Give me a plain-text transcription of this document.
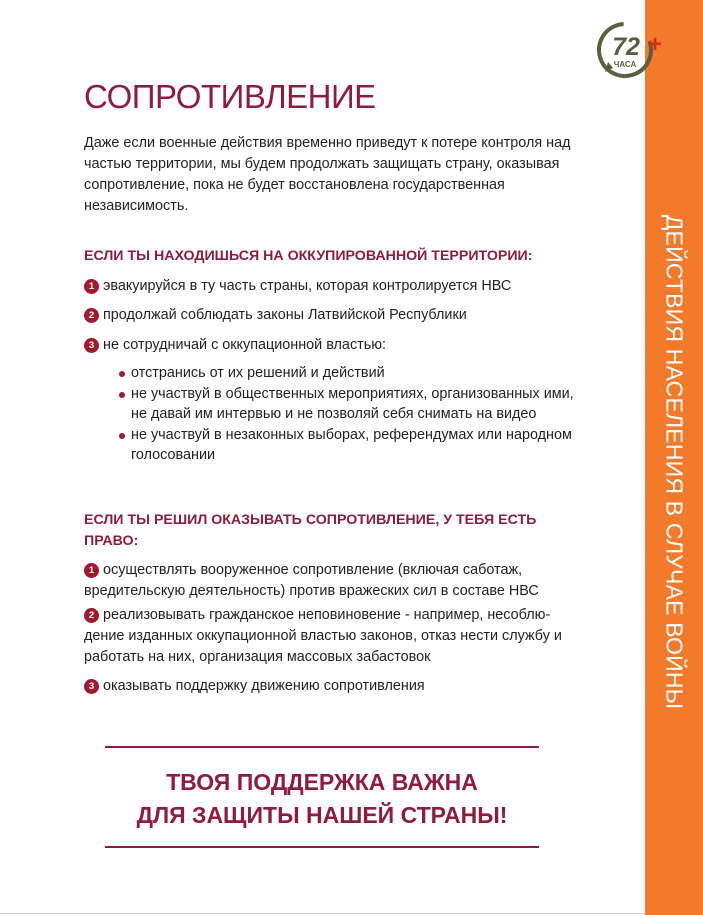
ДЕЙСТВИЯ НАСЕЛЕНИЯ В СЛУЧАЕ ВОЙНЫ
72 +
ЧАСА
СОПРОТИВЛЕНИЕ

Даже если военные действия временно приведут к потере контроля над частью территории, мы будем продолжать защищать страну, оказывая сопротивление, пока не будет восстановлена государственная независимость.

ЕСЛИ ТЫ НАХОДИШЬСЯ НА ОККУПИРОВАННОЙ ТЕРРИТОРИИ:
1 эвакуируйся в ту часть страны, которая контролируется НВС
2 продолжай соблюдать законы Латвийской Республики
3 не сотрудничай с оккупационной властью:
отстранись от их решений и действий
не участвуй в общественных мероприятиях, организованных ими, не давай им интервью и не позволяй себя снимать на видео
не участвуй в незаконных выборах, референдумах или народном голосовании
ЕСЛИ ТЫ РЕШИЛ ОКАЗЫВАТЬ СОПРОТИВЛЕНИЕ, У ТЕБЯ ЕСТЬ ПРАВО:
1 осуществлять вооруженное сопротивление (включая саботаж, вредительскую деятельность) против вражеских сил в составе НВС
2 реализовывать гражданское неповиновение - например, несоблюдение изданных оккупационной властью законов, отказ нести службу и работать на них, организация массовых забастовок
3 оказывать поддержку движению сопротивления
ТВОЯ ПОДДЕРЖКА ВАЖНА
ДЛЯ ЗАЩИТЫ НАШЕЙ СТРАНЫ!
